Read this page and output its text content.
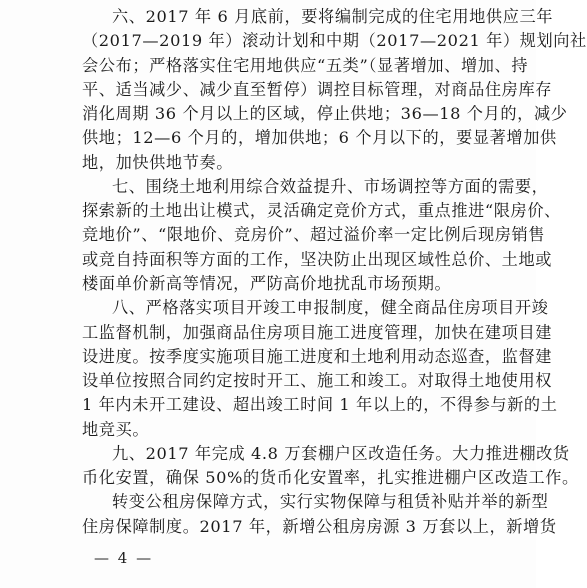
六、2017 年 6 月底前，要将编制完成的住宅用地供应三年
（2017—2019 年）滚动计划和中期（2017—2021 年）规划向社
会公布；严格落实住宅用地供应“五类”（显著增加、增加、持
平、适当减少、减少直至暂停）调控目标管理，对商品住房库存
消化周期 36 个月以上的区域，停止供地；36—18 个月的，减少
供地；12—6 个月的，增加供地；6 个月以下的，要显著增加供
地，加快供地节奏。
七、围绕土地利用综合效益提升、市场调控等方面的需要，
探索新的土地出让模式，灵活确定竞价方式，重点推进“限房价、
竞地价”、“限地价、竞房价”、超过溢价率一定比例后现房销售
或竞自持面积等方面的工作，坚决防止出现区域性总价、土地或
楼面单价新高等情况，严防高价地扰乱市场预期。
八、严格落实项目开竣工申报制度，健全商品住房项目开竣
工监督机制，加强商品住房项目施工进度管理，加快在建项目建
设进度。按季度实施项目施工进度和土地利用动态巡查，监督建
设单位按照合同约定按时开工、施工和竣工。对取得土地使用权
1 年内未开工建设、超出竣工时间 1 年以上的，不得参与新的土
地竞买。
九、2017 年完成 4.8 万套棚户区改造任务。大力推进棚改货
币化安置，确保 50%的货币化安置率，扎实推进棚户区改造工作。
转变公租房保障方式，实行实物保障与租赁补贴并举的新型
住房保障制度。2017 年，新增公租房房源 3 万套以上，新增货
— 4 —
